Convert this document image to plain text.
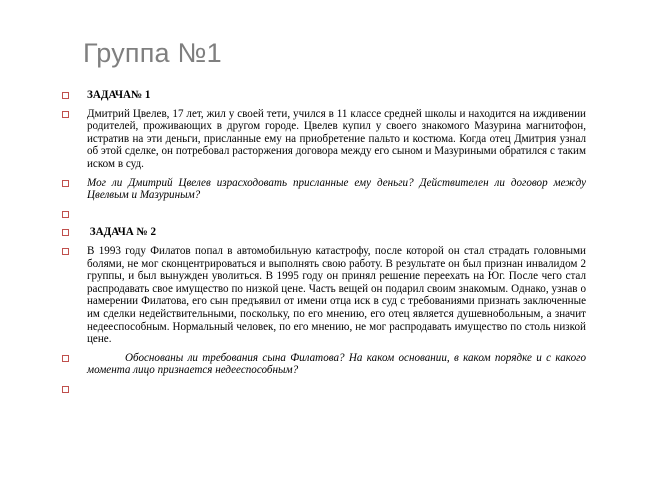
Группа №1
ЗАДАЧА№ 1
Дмитрий Цвелев, 17 лет, жил у своей тети, учился в 11 классе средней школы и находится на иждивении родителей, проживающих в другом городе. Цвелев купил у своего знакомого Мазурина магнитофон, истратив на эти деньги, присланные ему на приобретение пальто и костюма. Когда отец Дмитрия узнал об этой сделке, он потребовал расторжения договора между его сыном и Мазуриными обратился с таким иском в суд.
Мог ли Дмитрий Цвелев израсходовать присланные ему деньги? Действителен ли договор между Цвелвым и Мазуриным?
ЗАДАЧА № 2
В 1993 году Филатов попал в автомобильную катастрофу, после которой он стал страдать головными болями, не мог сконцентрироваться и выполнять свою работу. В результате он был признан инвалидом 2 группы, и был вынужден уволиться. В 1995 году он принял решение переехать на Юг. После чего стал распродавать свое имущество по низкой цене. Часть вещей он подарил своим знакомым. Однако, узнав о намерении Филатова, его сын предъявил от имени отца иск в суд с требованиями признать заключенные им сделки недействительными, поскольку, по его мнению, его отец является душевнобольным, а значит недееспособным. Нормальный человек, по его мнению, не мог распродавать имущество по столь низкой цене.
Обоснованы ли требования сына Филатова? На каком основании, в каком порядке и с какого момента лицо признается недееспособным?
